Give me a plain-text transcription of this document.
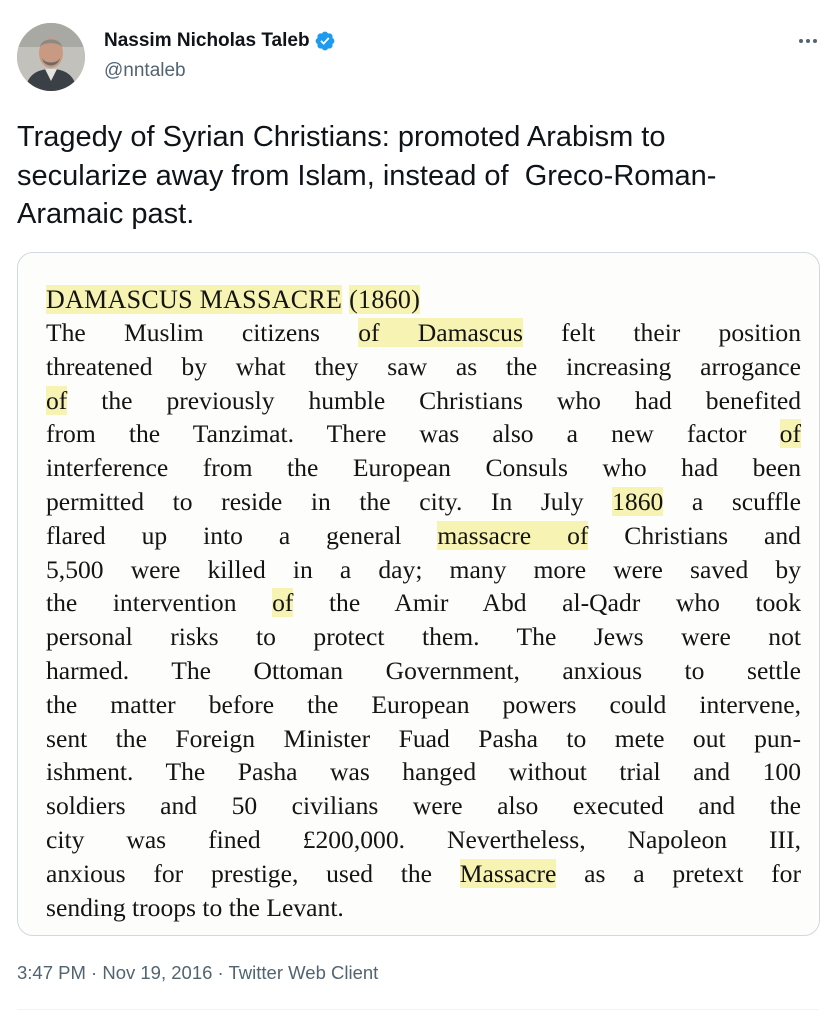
Nassim Nicholas Taleb
@nntaleb
Tragedy of Syrian Christians: promoted Arabism to
secularize away from Islam, instead of  Greco-Roman-
Aramaic past.
DAMASCUS MASSACRE (1860)
The Muslim citizens of Damascus felt their position
threatened by what they saw as the increasing arrogance
of the previously humble Christians who had benefited
from the Tanzimat. There was also a new factor of
interference from the European Consuls who had been
permitted to reside in the city. In July 1860 a scuffle
flared up into a general massacre of Christians and
5,500 were killed in a day; many more were saved by
the intervention of the Amir Abd al-Qadr who took
personal risks to protect them. The Jews were not
harmed. The Ottoman Government, anxious to settle
the matter before the European powers could intervene,
sent the Foreign Minister Fuad Pasha to mete out pun-
ishment. The Pasha was hanged without trial and 100
soldiers and 50 civilians were also executed and the
city was fined £200,000. Nevertheless, Napoleon III,
anxious for prestige, used the Massacre as a pretext for
sending troops to the Levant.
3:47 PM · Nov 19, 2016 · Twitter Web Client
